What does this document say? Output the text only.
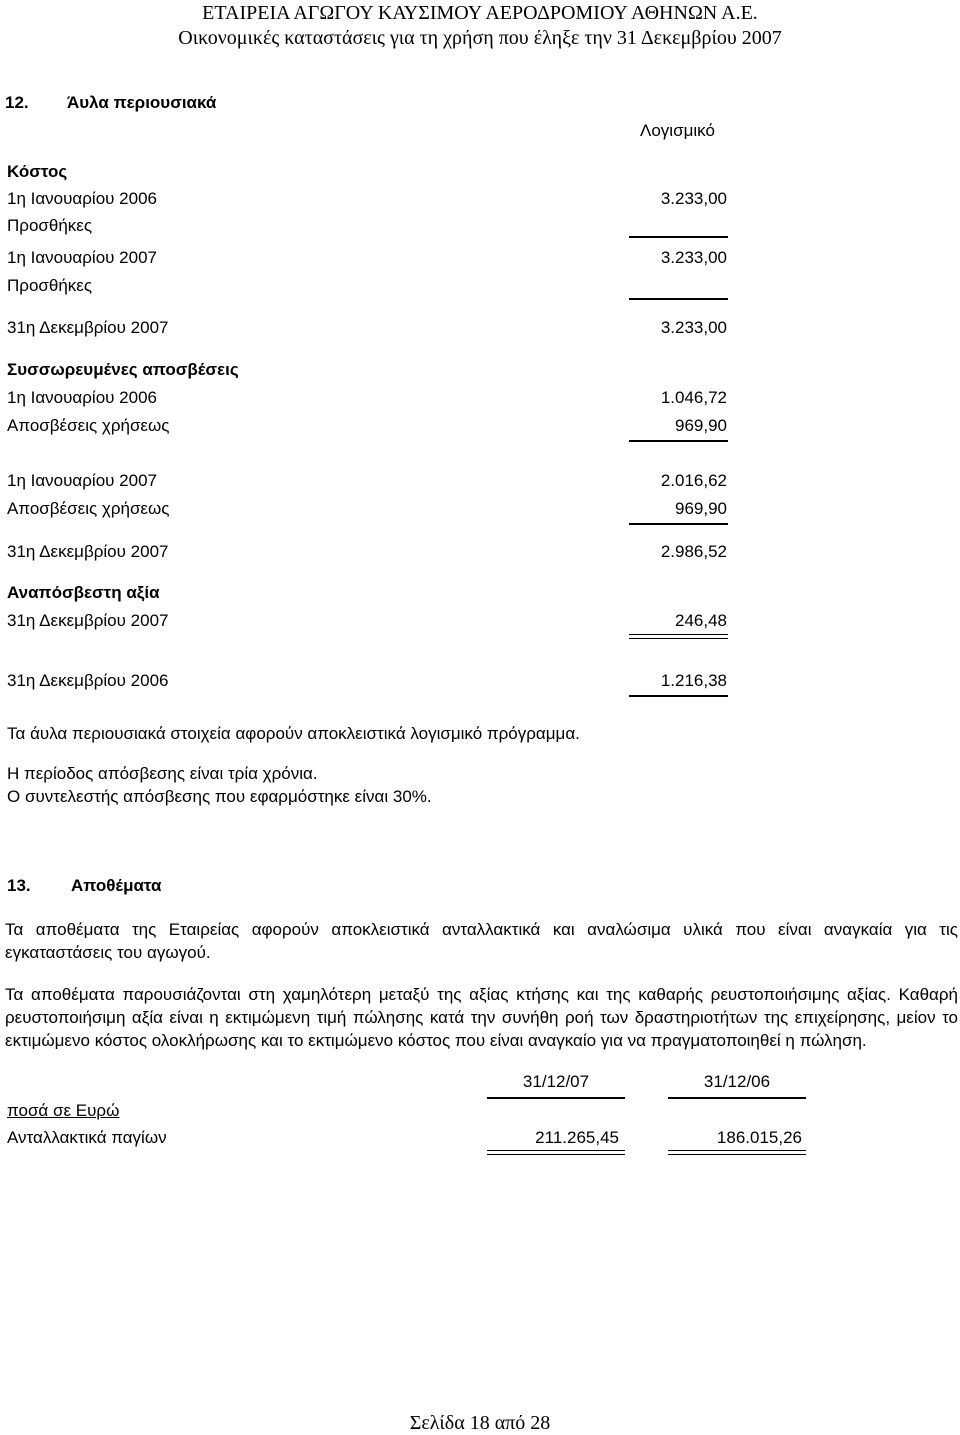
ΕΤΑΙΡΕΙΑ ΑΓΩΓΟΥ ΚΑΥΣΙΜΟΥ ΑΕΡΟΔΡΟΜΙΟΥ ΑΘΗΝΩΝ Α.Ε.
Οικονομικές καταστάσεις για τη χρήση που έληξε την 31 Δεκεμβρίου 2007
12. Άυλα περιουσιακά
Λογισμικό
Κόστος
1η Ιανουαρίου 2006	3.233,00
Προσθήκες
1η Ιανουαρίου 2007	3.233,00
Προσθήκες
31η Δεκεμβρίου 2007	3.233,00
Συσσωρευμένες αποσβέσεις
1η Ιανουαρίου 2006	1.046,72
Αποσβέσεις χρήσεως	969,90
1η Ιανουαρίου 2007	2.016,62
Αποσβέσεις χρήσεως	969,90
31η Δεκεμβρίου 2007	2.986,52
Αναπόσβεστη αξία
31η Δεκεμβρίου 2007	246,48
31η Δεκεμβρίου 2006	1.216,38
Τα άυλα περιουσιακά στοιχεία αφορούν αποκλειστικά λογισμικό πρόγραμμα.
Η περίοδος απόσβεσης είναι τρία χρόνια.
Ο συντελεστής απόσβεσης που εφαρμόστηκε είναι 30%.
13. Αποθέματα
Τα αποθέματα της Εταιρείας αφορούν αποκλειστικά ανταλλακτικά και αναλώσιμα υλικά που είναι αναγκαία για τις εγκαταστάσεις του αγωγού.
Τα αποθέματα παρουσιάζονται στη χαμηλότερη μεταξύ της αξίας κτήσης και της καθαρής ρευστοποιήσιμης αξίας. Καθαρή ρευστοποιήσιμη αξία είναι η εκτιμώμενη τιμή πώλησης κατά την συνήθη ροή των δραστηριοτήτων της επιχείρησης, μείον το εκτιμώμενο κόστος ολοκλήρωσης και το εκτιμώμενο κόστος που είναι αναγκαίο για να πραγματοποιηθεί η πώληση.
31/12/07	31/12/06
ποσά σε Ευρώ
Ανταλλακτικά παγίων	211.265,45	186.015,26
Σελίδα 18 από 28
